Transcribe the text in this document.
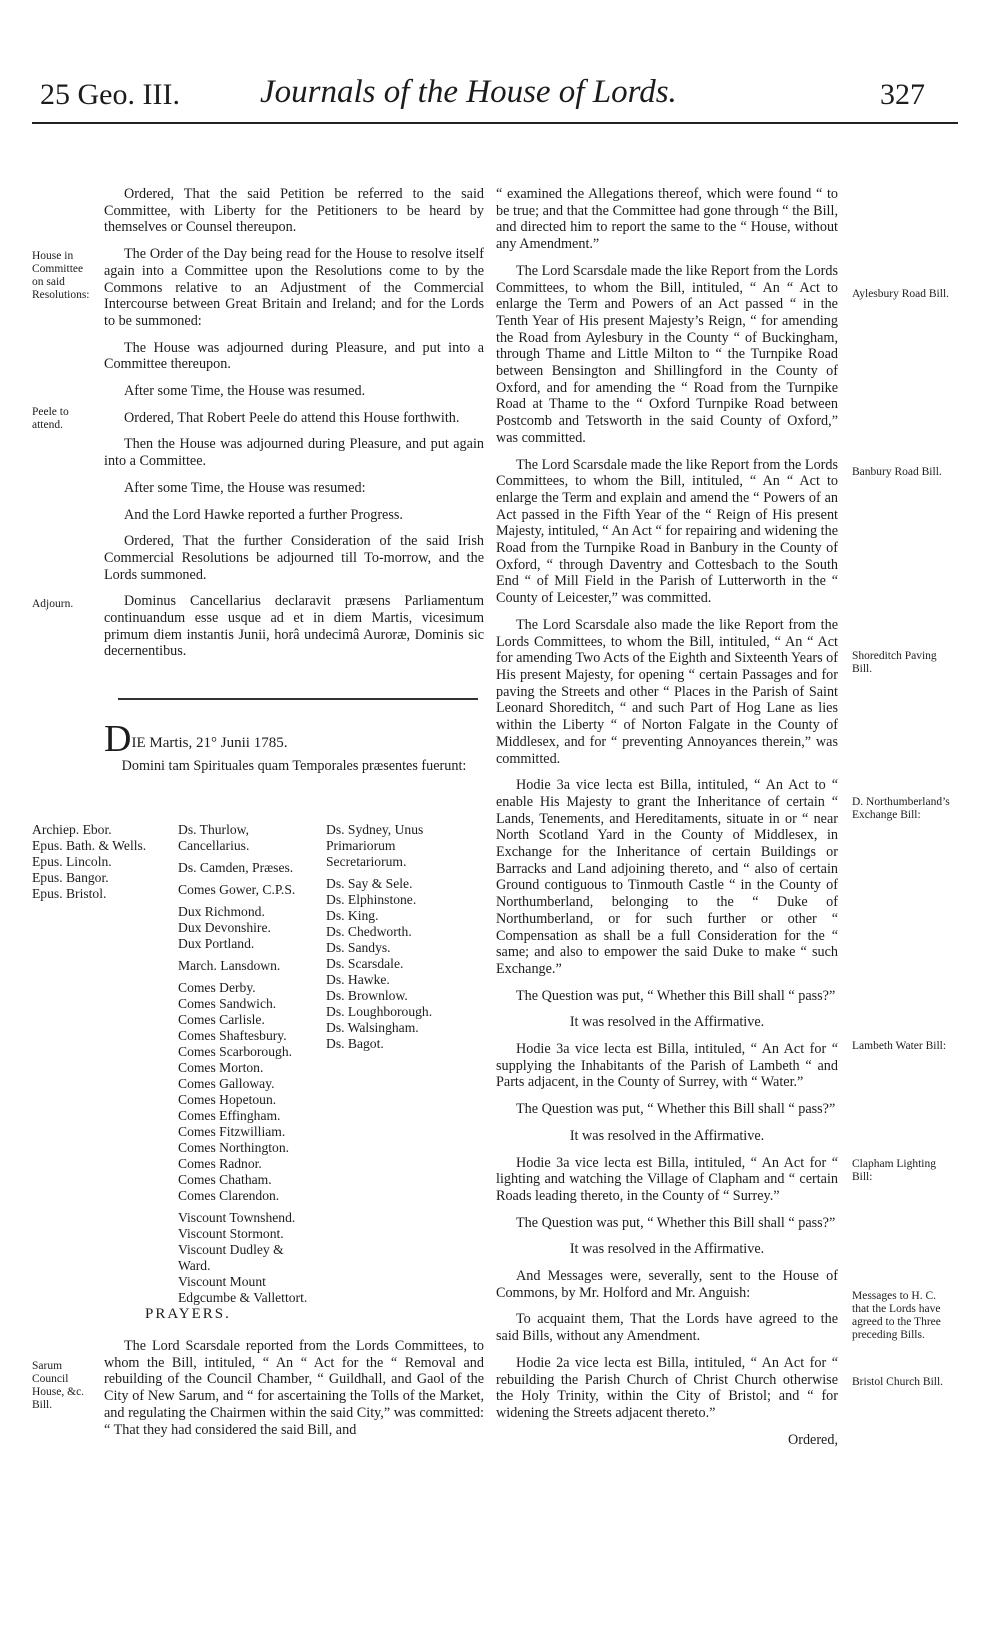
25 Geo. III. Journals of the House of Lords.	327
House in Committee on said Resolutions:
Peele to attend.
Adjourn.
Sarum Council House, &c. Bill.

Ordered, That the said Petition be referred to the said Committee, with Liberty for the Petitioners to be heard by themselves or Counsel thereupon.

The Order of the Day being read for the House to resolve itself again into a Committee upon the Resolutions come to by the Commons relative to an Adjustment of the Commercial Intercourse between Great Britain and Ireland; and for the Lords to be summoned:

The House was adjourned during Pleasure, and put into a Committee thereupon.

After some Time, the House was resumed.

Ordered, That Robert Peele do attend this House forthwith.

Then the House was adjourned during Pleasure, and put again into a Committee.

After some Time, the House was resumed:

And the Lord Hawke reported a further Progress.

Ordered, That the further Consideration of the said Irish Commercial Resolutions be adjourned till To-morrow, and the Lords summoned.

Dominus Cancellarius declaravit præsens Parliamentum continuandum esse usque ad et in diem Martis, vicesimum primum diem instantis Junii, horâ undecimâ Auroræ, Dominis sic decernentibus.

DIE Martis, 21° Junii 1785.
Domini tam Spirituales quam Temporales præsentes fuerunt:
Archiep. Ebor.
Epus. Bath. & Wells.
Epus. Lincoln.
Epus. Bangor.
Epus. Bristol.
Ds. Thurlow, Cancellarius.
Ds. Camden, Præses.
Comes Gower, C.P.S.
Dux Richmond.
Dux Devonshire.
Dux Portland.
March. Lansdown.
Comes Derby.
Comes Sandwich.
Comes Carlisle.
Comes Shaftesbury.
Comes Scarborough.
Comes Morton.
Comes Galloway.
Comes Hopetoun.
Comes Effingham.
Comes Fitzwilliam.
Comes Northington.
Comes Radnor.
Comes Chatham.
Comes Clarendon.
Viscount Townshend.
Viscount Stormont.
Viscount Dudley & Ward.
Viscount Mount Edgcumbe & Vallettort.
Ds. Sydney, Unus Primariorum Secretariorum.
Ds. Say & Sele.
Ds. Elphinstone.
Ds. King.
Ds. Chedworth.
Ds. Sandys.
Ds. Scarsdale.
Ds. Hawke.
Ds. Brownlow.
Ds. Loughborough.
Ds. Walsingham.
Ds. Bagot.
PRAYERS.

The Lord Scarsdale reported from the Lords Committees, to whom the Bill, intituled, “ An “ Act for the “ Removal and rebuilding of the Council Chamber, “ Guildhall, and Gaol of the City of New Sarum, and “ for ascertaining the Tolls of the Market, and regulating the Chairmen within the said City,” was committed: “ That they had considered the said Bill, and

“ examined the Allegations thereof, which were found “ to be true; and that the Committee had gone through “ the Bill, and directed him to report the same to the “ House, without any Amendment.”

The Lord Scarsdale made the like Report from the Lords Committees, to whom the Bill, intituled, “ An “ Act to enlarge the Term and Powers of an Act passed “ in the Tenth Year of His present Majesty’s Reign, “ for amending the Road from Aylesbury in the County “ of Buckingham, through Thame and Little Milton to “ the Turnpike Road between Bensington and Shillingford in the County of Oxford, and for amending the “ Road from the Turnpike Road at Thame to the “ Oxford Turnpike Road between Postcomb and Tetsworth in the said County of Oxford,” was committed.

The Lord Scarsdale made the like Report from the Lords Committees, to whom the Bill, intituled, “ An “ Act to enlarge the Term and explain and amend the “ Powers of an Act passed in the Fifth Year of the “ Reign of His present Majesty, intituled, “ An Act “ for repairing and widening the Road from the Turnpike Road in Banbury in the County of Oxford, “ through Daventry and Cottesbach to the South End “ of Mill Field in the Parish of Lutterworth in the “ County of Leicester,” was committed.

The Lord Scarsdale also made the like Report from the Lords Committees, to whom the Bill, intituled, “ An “ Act for amending Two Acts of the Eighth and Sixteenth Years of His present Majesty, for opening “ certain Passages and for paving the Streets and other “ Places in the Parish of Saint Leonard Shoreditch, “ and such Part of Hog Lane as lies within the Liberty “ of Norton Falgate in the County of Middlesex, and for “ preventing Annoyances therein,” was committed.

Hodie 3a vice lecta est Billa, intituled, “ An Act to “ enable His Majesty to grant the Inheritance of certain “ Lands, Tenements, and Hereditaments, situate in or “ near North Scotland Yard in the County of Middlesex, in Exchange for the Inheritance of certain Buildings or Barracks and Land adjoining thereto, and “ also of certain Ground contiguous to Tinmouth Castle “ in the County of Northumberland, belonging to the “ Duke of Northumberland, or for such further or other “ Compensation as shall be a full Consideration for the “ same; and also to empower the said Duke to make “ such Exchange.”

The Question was put, “ Whether this Bill shall “ pass?”

It was resolved in the Affirmative.

Hodie 3a vice lecta est Billa, intituled, “ An Act for “ supplying the Inhabitants of the Parish of Lambeth “ and Parts adjacent, in the County of Surrey, with “ Water.”

The Question was put, “ Whether this Bill shall “ pass?”

It was resolved in the Affirmative.

Hodie 3a vice lecta est Billa, intituled, “ An Act for “ lighting and watching the Village of Clapham and “ certain Roads leading thereto, in the County of “ Surrey.”

The Question was put, “ Whether this Bill shall “ pass?”

It was resolved in the Affirmative.

And Messages were, severally, sent to the House of Commons, by Mr. Holford and Mr. Anguish:

To acquaint them, That the Lords have agreed to the said Bills, without any Amendment.

Hodie 2a vice lecta est Billa, intituled, “ An Act for “ rebuilding the Parish Church of Christ Church otherwise the Holy Trinity, within the City of Bristol; and “ for widening the Streets adjacent thereto.”

Ordered,

Aylesbury Road Bill.
Banbury Road Bill.
Shoreditch Paving Bill.
D. Northumberland’s Exchange Bill:
Lambeth Water Bill:
Clapham Lighting Bill:
Messages to H. C. that the Lords have agreed to the Three preceding Bills.
Bristol Church Bill.
